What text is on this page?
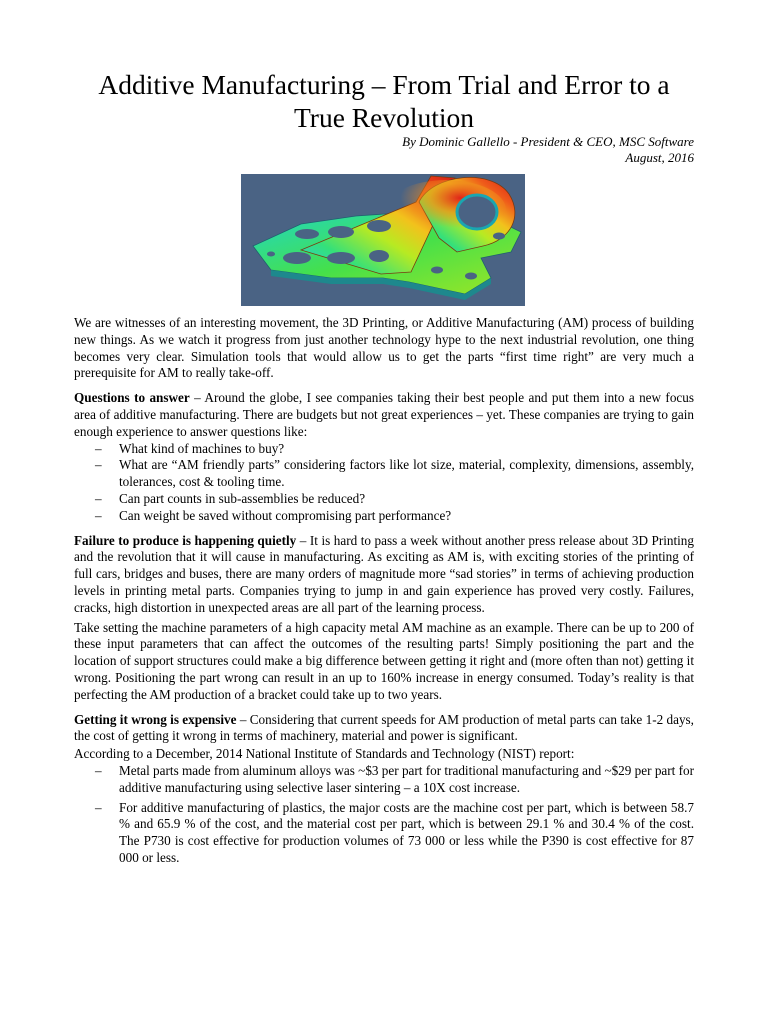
Additive Manufacturing – From Trial and Error to a True Revolution
By Dominic Gallello - President & CEO, MSC Software
August, 2016

We are witnesses of an interesting movement, the 3D Printing, or Additive Manufacturing (AM) process of building new things. As we watch it progress from just another technology hype to the next industrial revolution, one thing becomes very clear. Simulation tools that would allow us to get the parts “first time right” are very much a prerequisite for AM to really take-off.

Questions to answer – Around the globe, I see companies taking their best people and put them into a new focus area of additive manufacturing. There are budgets but not great experiences – yet. These companies are trying to gain enough experience to answer questions like:

– What kind of machines to buy?
– What are “AM friendly parts” considering factors like lot size, material, complexity, dimensions, assembly, tolerances, cost & tooling time.
– Can part counts in sub-assemblies be reduced?
– Can weight be saved without compromising part performance?

Failure to produce is happening quietly – It is hard to pass a week without another press release about 3D Printing and the revolution that it will cause in manufacturing. As exciting as AM is, with exciting stories of the printing of full cars, bridges and buses, there are many orders of magnitude more “sad stories” in terms of achieving production levels in printing metal parts. Companies trying to jump in and gain experience has proved very costly. Failures, cracks, high distortion in unexpected areas are all part of the learning process.

Take setting the machine parameters of a high capacity metal AM machine as an example. There can be up to 200 of these input parameters that can affect the outcomes of the resulting parts! Simply positioning the part and the location of support structures could make a big difference between getting it right and (more often than not) getting it wrong. Positioning the part wrong can result in an up to 160% increase in energy consumed. Today’s reality is that perfecting the AM production of a bracket could take up to two years.

Getting it wrong is expensive – Considering that current speeds for AM production of metal parts can take 1-2 days, the cost of getting it wrong in terms of machinery, material and power is significant.

According to a December, 2014 National Institute of Standards and Technology (NIST) report:

– Metal parts made from aluminum alloys was ~$3 per part for traditional manufacturing and ~$29 per part for additive manufacturing using selective laser sintering – a 10X cost increase.
– For additive manufacturing of plastics, the major costs are the machine cost per part, which is between 58.7 % and 65.9 % of the cost, and the material cost per part, which is between 29.1 % and 30.4 % of the cost. The P730 is cost effective for production volumes of 73 000 or less while the P390 is cost effective for 87 000 or less.
